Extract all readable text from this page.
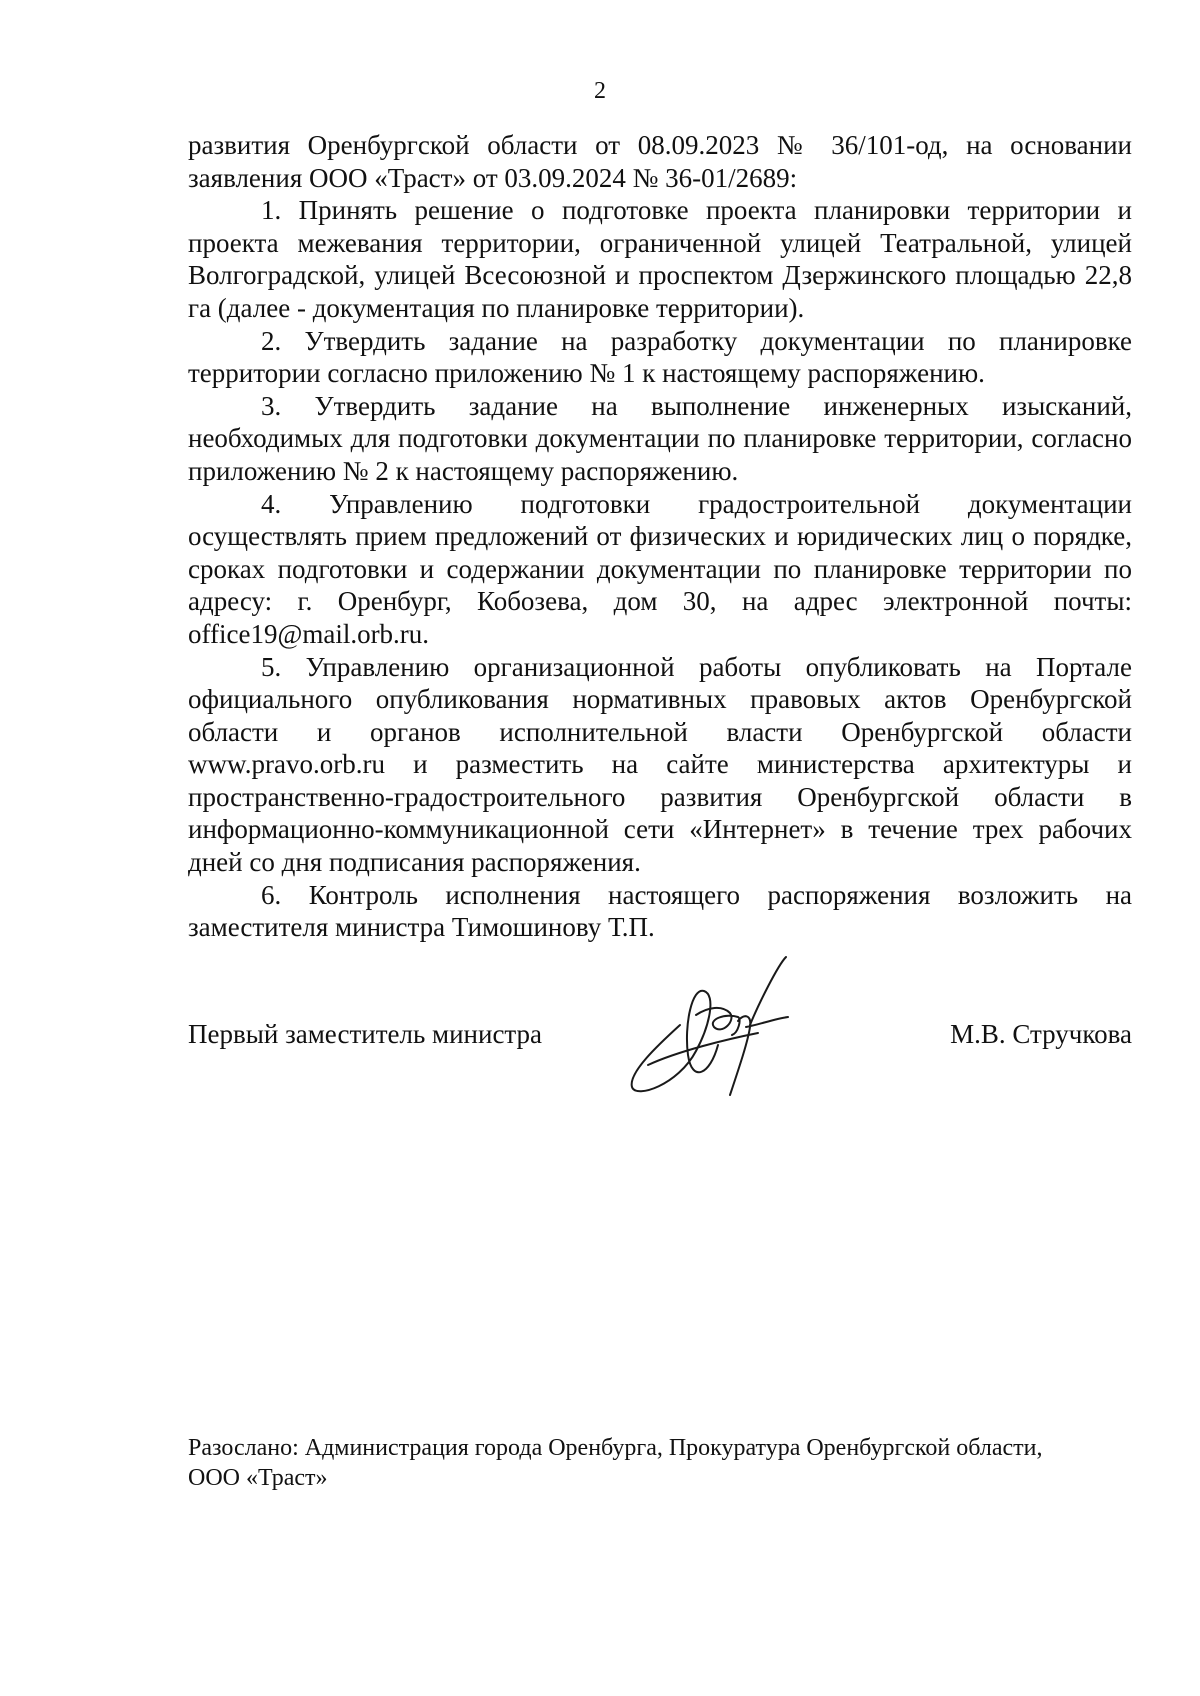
2

развития Оренбургской области от 08.09.2023 № 36/101-од, на основании заявления ООО «Траст» от 03.09.2024 № 36-01/2689:

1. Принять решение о подготовке проекта планировки территории и проекта межевания территории, ограниченной улицей Театральной, улицей Волгоградской, улицей Всесоюзной и проспектом Дзержинского площадью 22,8 га (далее - документация по планировке территории).

2. Утвердить задание на разработку документации по планировке территории согласно приложению № 1 к настоящему распоряжению.

3. Утвердить задание на выполнение инженерных изысканий, необходимых для подготовки документации по планировке территории, согласно приложению № 2 к настоящему распоряжению.

4. Управлению подготовки градостроительной документации осуществлять прием предложений от физических и юридических лиц о порядке, сроках подготовки и содержании документации по планировке территории по адресу: г. Оренбург, Кобозева, дом 30, на адрес электронной почты: office19@mail.orb.ru.

5. Управлению организационной работы опубликовать на Портале официального опубликования нормативных правовых актов Оренбургской области и органов исполнительной власти Оренбургской области www.pravo.orb.ru и разместить на сайте министерства архитектуры и пространственно-градостроительного развития Оренбургской области в информационно-коммуникационной сети «Интернет» в течение трех рабочих дней со дня подписания распоряжения.

6. Контроль исполнения настоящего распоряжения возложить на заместителя министра Тимошинову Т.П.

Первый заместитель министра	М.В. Стручкова
Разослано: Администрация города Оренбурга, Прокуратура Оренбургской области,
ООО «Траст»
